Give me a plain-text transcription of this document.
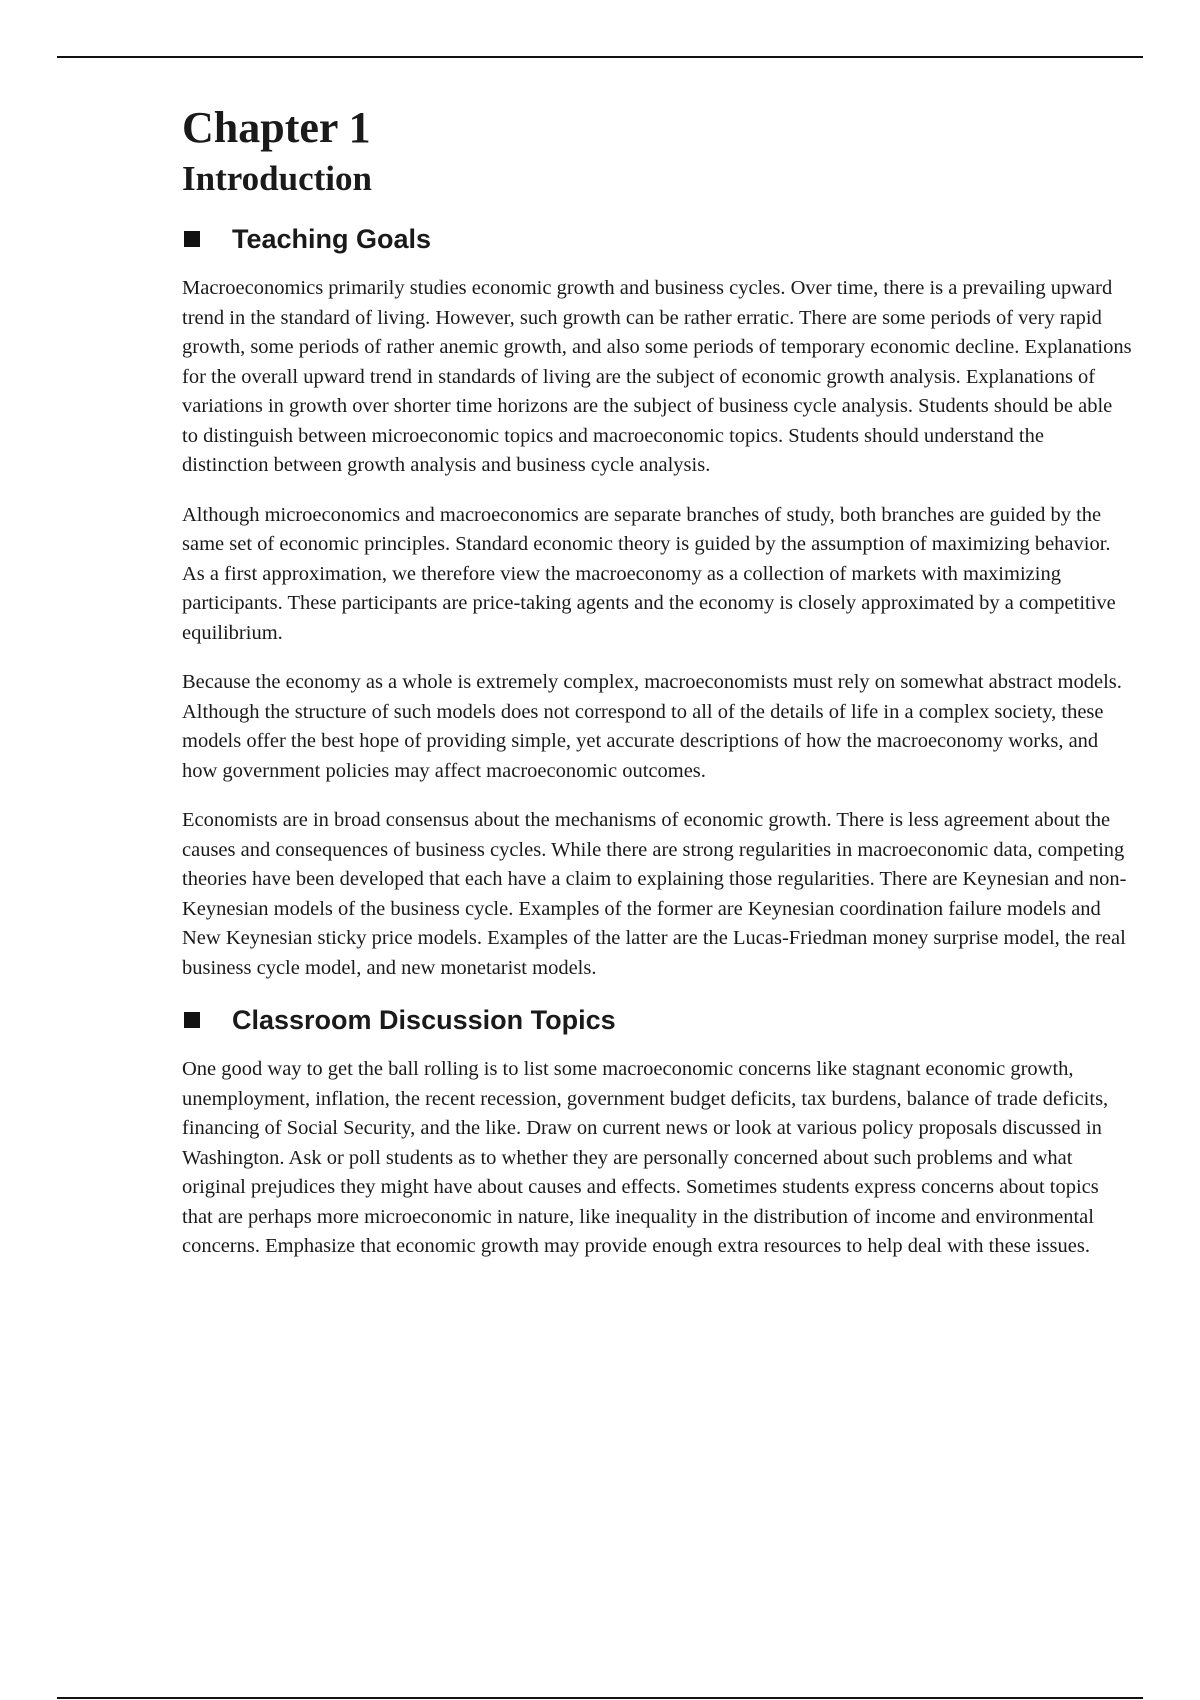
Chapter 1
Introduction
Teaching Goals

Macroeconomics primarily studies economic growth and business cycles. Over time, there is a prevailing upward trend in the standard of living. However, such growth can be rather erratic. There are some periods of very rapid growth, some periods of rather anemic growth, and also some periods of temporary economic decline. Explanations for the overall upward trend in standards of living are the subject of economic growth analysis. Explanations of variations in growth over shorter time horizons are the subject of business cycle analysis. Students should be able to distinguish between microeconomic topics and macroeconomic topics. Students should understand the distinction between growth analysis and business cycle analysis.

Although microeconomics and macroeconomics are separate branches of study, both branches are guided by the same set of economic principles. Standard economic theory is guided by the assumption of maximizing behavior. As a first approximation, we therefore view the macroeconomy as a collection of markets with maximizing participants. These participants are price-taking agents and the economy is closely approximated by a competitive equilibrium.

Because the economy as a whole is extremely complex, macroeconomists must rely on somewhat abstract models. Although the structure of such models does not correspond to all of the details of life in a complex society, these models offer the best hope of providing simple, yet accurate descriptions of how the macroeconomy works, and how government policies may affect macroeconomic outcomes.

Economists are in broad consensus about the mechanisms of economic growth. There is less agreement about the causes and consequences of business cycles. While there are strong regularities in macroeconomic data, competing theories have been developed that each have a claim to explaining those regularities. There are Keynesian and non-Keynesian models of the business cycle. Examples of the former are Keynesian coordination failure models and New Keynesian sticky price models. Examples of the latter are the Lucas-Friedman money surprise model, the real business cycle model, and new monetarist models.

Classroom Discussion Topics

One good way to get the ball rolling is to list some macroeconomic concerns like stagnant economic growth, unemployment, inflation, the recent recession, government budget deficits, tax burdens, balance of trade deficits, financing of Social Security, and the like. Draw on current news or look at various policy proposals discussed in Washington. Ask or poll students as to whether they are personally concerned about such problems and what original prejudices they might have about causes and effects. Sometimes students express concerns about topics that are perhaps more microeconomic in nature, like inequality in the distribution of income and environmental concerns. Emphasize that economic growth may provide enough extra resources to help deal with these issues.
